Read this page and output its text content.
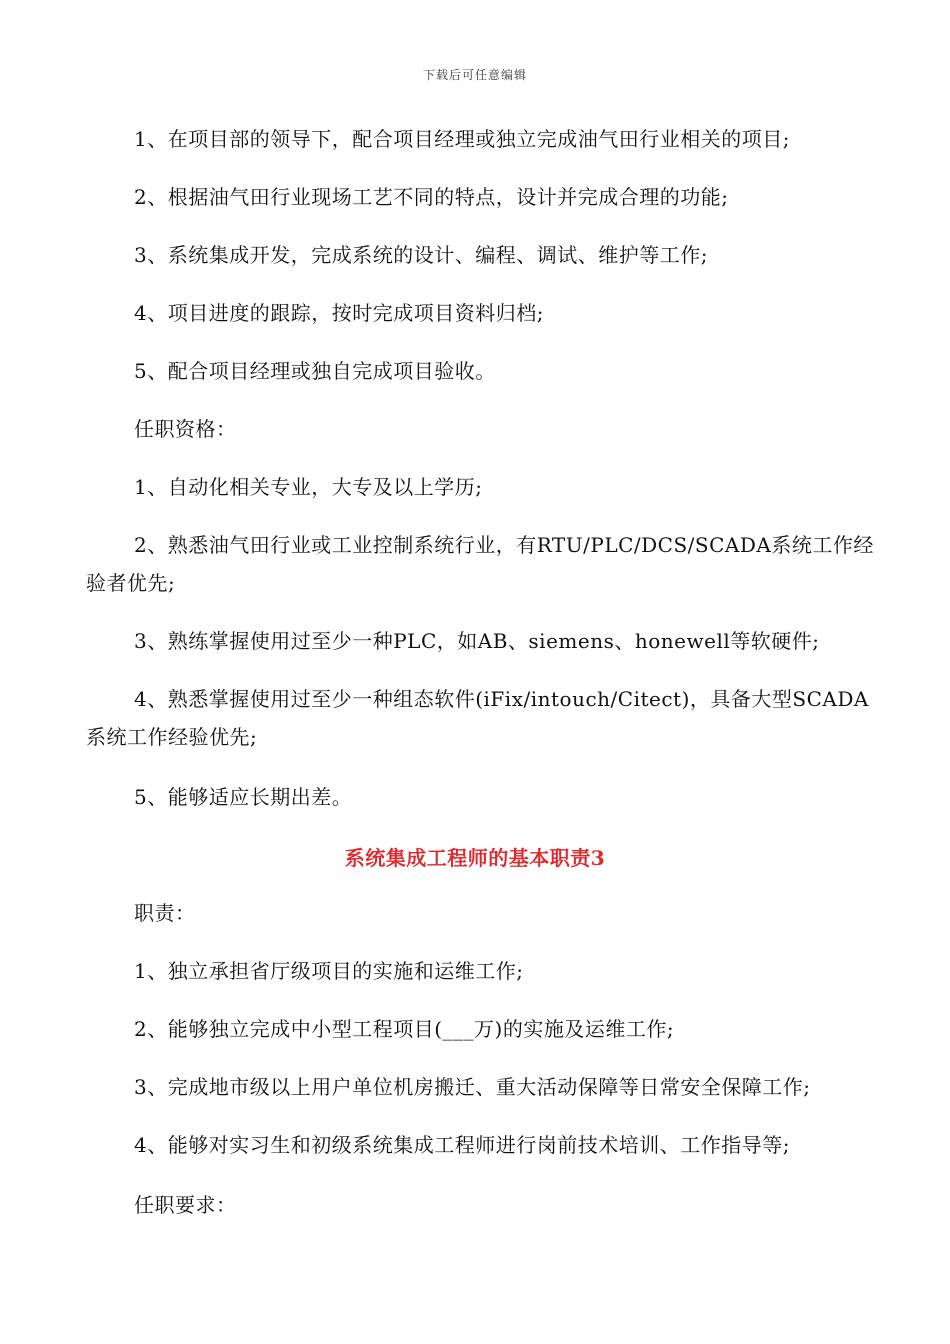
下载后可任意编辑
1、在项目部的领导下，配合项目经理或独立完成油气田行业相关的项目;
2、根据油气田行业现场工艺不同的特点，设计并完成合理的功能;
3、系统集成开发，完成系统的设计、编程、调试、维护等工作;
4、项目进度的跟踪，按时完成项目资料归档;
5、配合项目经理或独自完成项目验收。
任职资格：
1、自动化相关专业，大专及以上学历;
2、熟悉油气田行业或工业控制系统行业，有RTU/PLC/DCS/SCADA系统工作经验者优先;
3、熟练掌握使用过至少一种PLC，如AB、siemens、honewell等软硬件;
4、熟悉掌握使用过至少一种组态软件(iFix/intouch/Citect)，具备大型SCADA系统工作经验优先;
5、能够适应长期出差。
系统集成工程师的基本职责3
职责：
1、独立承担省厅级项目的实施和运维工作;
2、能够独立完成中小型工程项目(___万)的实施及运维工作;
3、完成地市级以上用户单位机房搬迁、重大活动保障等日常安全保障工作;
4、能够对实习生和初级系统集成工程师进行岗前技术培训、工作指导等;
任职要求：
